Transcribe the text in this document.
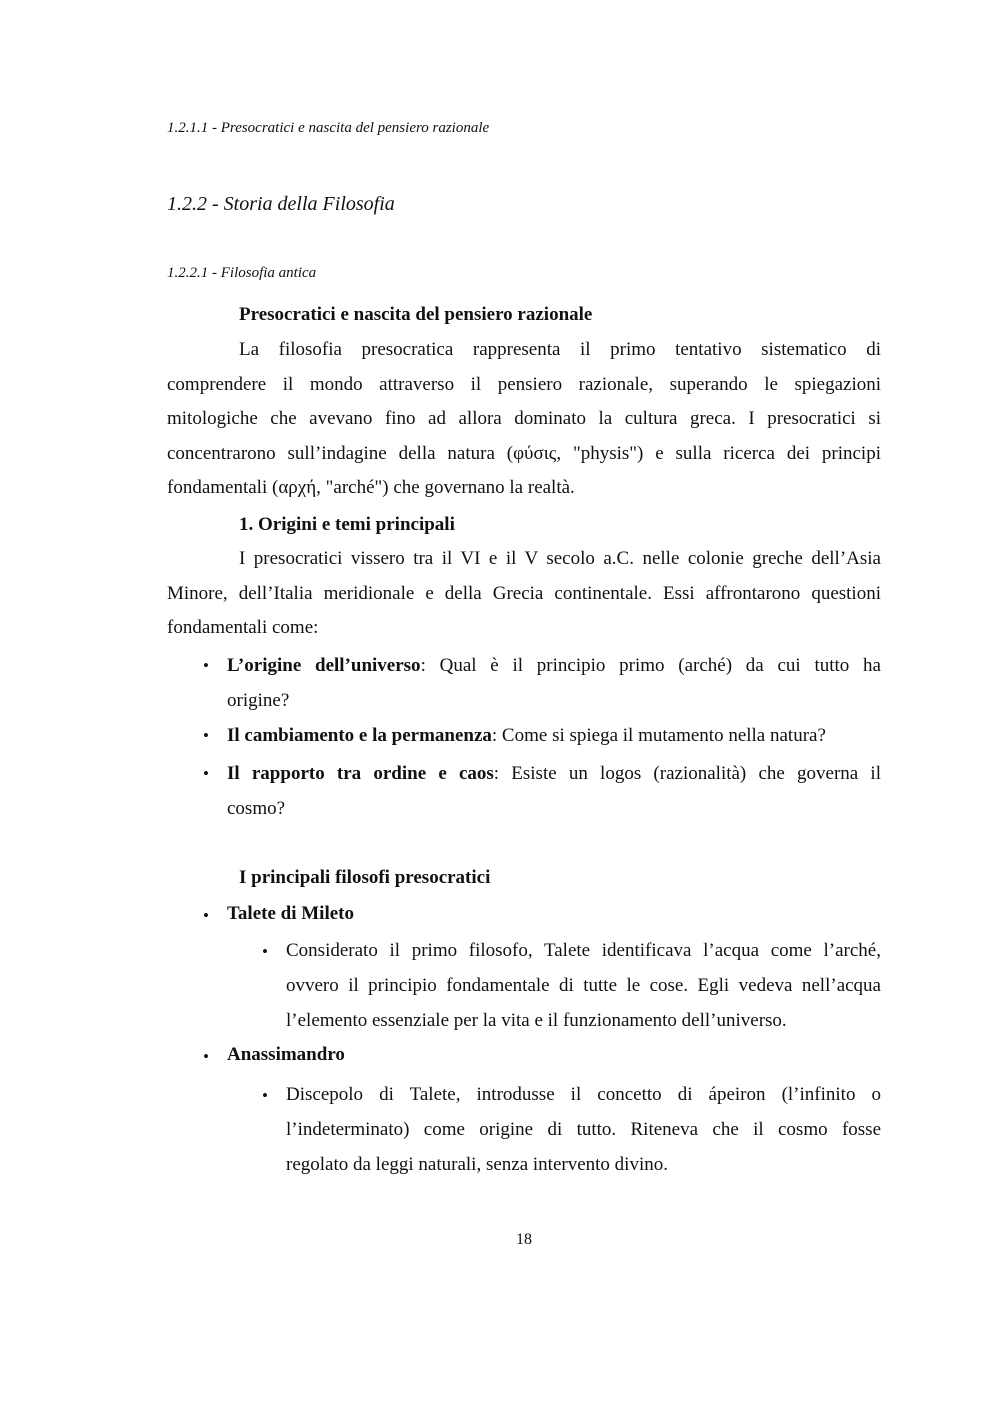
1.2.1.1 - Presocratici e nascita del pensiero razionale
1.2.2 - Storia della Filosofia
1.2.2.1 - Filosofia antica
Presocratici e nascita del pensiero razionale
La filosofia presocratica rappresenta il primo tentativo sistematico di
comprendere il mondo attraverso il pensiero razionale, superando le spiegazioni
mitologiche che avevano fino ad allora dominato la cultura greca. I presocratici si
concentrarono sull’indagine della natura (φύσις, "physis") e sulla ricerca dei principi
fondamentali (αρχή, "arché") che governano la realtà.
1. Origini e temi principali
I presocratici vissero tra il VI e il V secolo a.C. nelle colonie greche dell’Asia
Minore, dell’Italia meridionale e della Grecia continentale. Essi affrontarono questioni
fondamentali come:
• L’origine dell’universo: Qual è il principio primo (arché) da cui tutto ha
origine?
• Il cambiamento e la permanenza: Come si spiega il mutamento nella natura?
• Il rapporto tra ordine e caos: Esiste un logos (razionalità) che governa il
cosmo?
I principali filosofi presocratici
• Talete di Mileto
• Considerato il primo filosofo, Talete identificava l’acqua come l’arché,
ovvero il principio fondamentale di tutte le cose. Egli vedeva nell’acqua
l’elemento essenziale per la vita e il funzionamento dell’universo.
• Anassimandro
• Discepolo di Talete, introdusse il concetto di ápeiron (l’infinito o
l’indeterminato) come origine di tutto. Riteneva che il cosmo fosse
regolato da leggi naturali, senza intervento divino.
18
